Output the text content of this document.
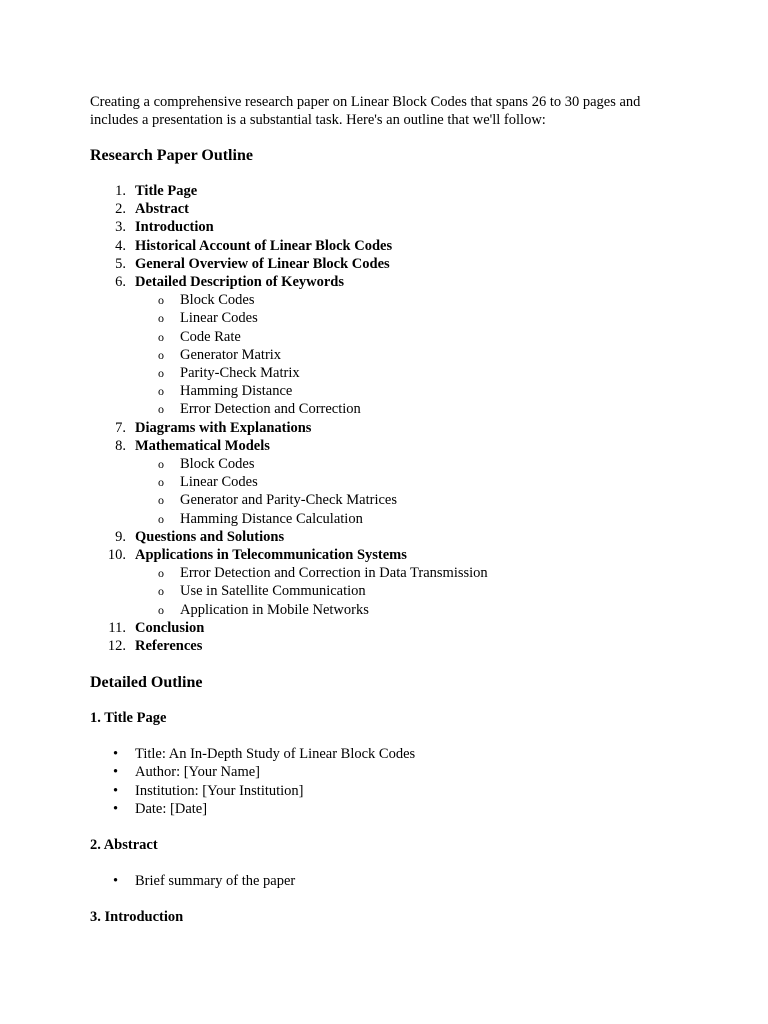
Creating a comprehensive research paper on Linear Block Codes that spans 26 to 30 pages and includes a presentation is a substantial task. Here's an outline that we'll follow:

Research Paper Outline
1. Title Page
2. Abstract
3. Introduction
4. Historical Account of Linear Block Codes
5. General Overview of Linear Block Codes
6. Detailed Description of Keywords
o Block Codes
o Linear Codes
o Code Rate
o Generator Matrix
o Parity-Check Matrix
o Hamming Distance
o Error Detection and Correction
7. Diagrams with Explanations
8. Mathematical Models
o Block Codes
o Linear Codes
o Generator and Parity-Check Matrices
o Hamming Distance Calculation
9. Questions and Solutions
10. Applications in Telecommunication Systems
o Error Detection and Correction in Data Transmission
o Use in Satellite Communication
o Application in Mobile Networks
11. Conclusion
12. References
Detailed Outline
1. Title Page
• Title: An In-Depth Study of Linear Block Codes
• Author: [Your Name]
• Institution: [Your Institution]
• Date: [Date]
2. Abstract
• Brief summary of the paper
3. Introduction
